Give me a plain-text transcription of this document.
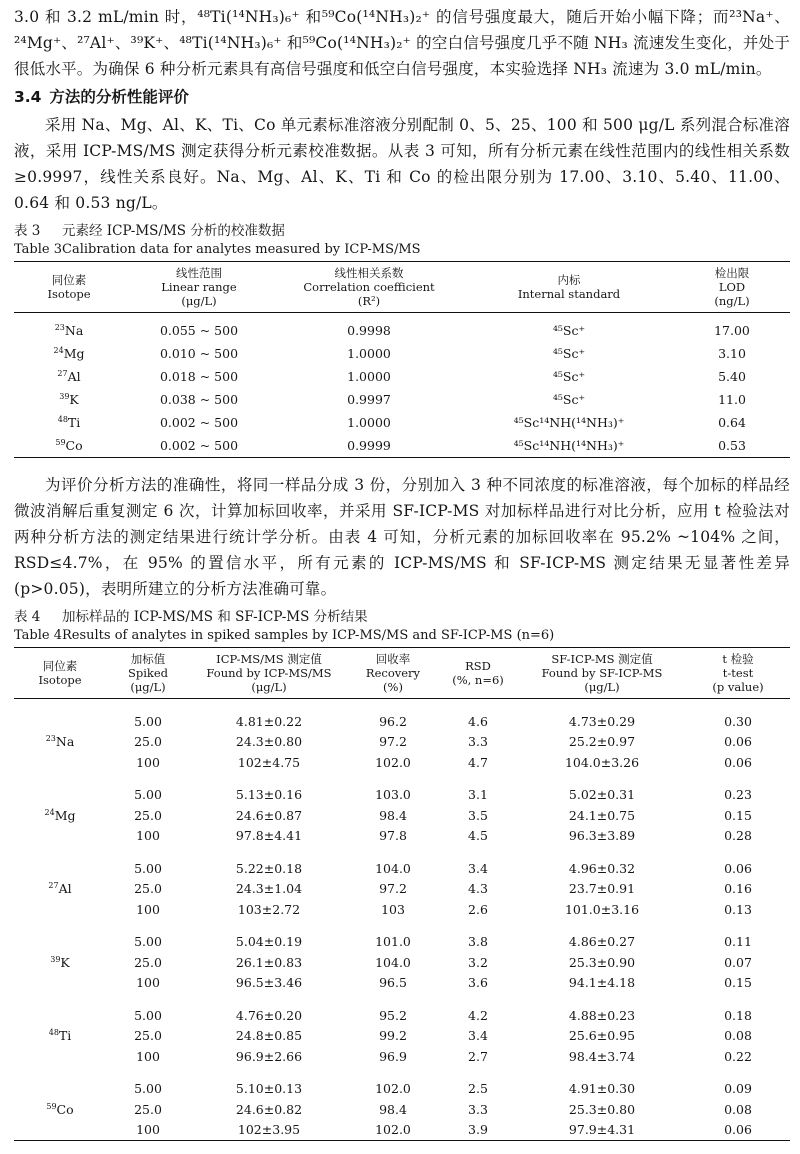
3.0 和 3.2 mL/min 时，⁴⁸Ti(¹⁴NH₃)₆⁺ 和⁵⁹Co(¹⁴NH₃)₂⁺ 的信号强度最大，随后开始小幅下降；而²³Na⁺、²⁴Mg⁺、²⁷Al⁺、³⁹K⁺、⁴⁸Ti(¹⁴NH₃)₆⁺ 和⁵⁹Co(¹⁴NH₃)₂⁺ 的空白信号强度几乎不随 NH₃ 流速发生变化，并处于很低水平。为确保 6 种分析元素具有高信号强度和低空白信号强度，本实验选择 NH₃ 流速为 3.0 mL/min。

3.4 方法的分析性能评价

采用 Na、Mg、Al、K、Ti、Co 单元素标准溶液分别配制 0、5、25、100 和 500 μg/L 系列混合标准溶液，采用 ICP-MS/MS 测定获得分析元素校准数据。从表 3 可知，所有分析元素在线性范围内的线性相关系数≥0.9997，线性关系良好。Na、Mg、Al、K、Ti 和 Co 的检出限分别为 17.00、3.10、5.40、11.00、0.64 和 0.53 ng/L。

表 3 元素经 ICP-MS/MS 分析的校准数据
Table 3Calibration data for analytes measured by ICP-MS/MS
同位素
Isotope	线性范围
Linear range
(μg/L)	线性相关系数
Correlation coefficient
(R²)	内标
Internal standard	检出限
LOD
(ng/L)

$^{23}$Na	0.055 ~ 500	0.9998	⁴⁵Sc⁺	17.00
$^{24}$Mg	0.010 ~ 500	1.0000	⁴⁵Sc⁺	3.10
$^{27}$Al	0.018 ~ 500	1.0000	⁴⁵Sc⁺	5.40
$^{39}$K	0.038 ~ 500	0.9997	⁴⁵Sc⁺	11.0
$^{48}$Ti	0.002 ~ 500	1.0000	⁴⁵Sc¹⁴NH(¹⁴NH₃)⁺	0.64
$^{59}$Co	0.002 ~ 500	0.9999	⁴⁵Sc¹⁴NH(¹⁴NH₃)⁺	0.53

为评价分析方法的准确性，将同一样品分成 3 份，分别加入 3 种不同浓度的标准溶液，每个加标的样品经微波消解后重复测定 6 次，计算加标回收率，并采用 SF-ICP-MS 对加标样品进行对比分析，应用 t 检验法对两种分析方法的测定结果进行统计学分析。由表 4 可知，分析元素的加标回收率在 95.2% ~104% 之间，RSD≤4.7%，在 95% 的置信水平，所有元素的 ICP-MS/MS 和 SF-ICP-MS 测定结果无显著性差异(p>0.05)，表明所建立的分析方法准确可靠。

表 4 加标样品的 ICP-MS/MS 和 SF-ICP-MS 分析结果
Table 4Results of analytes in spiked samples by ICP-MS/MS and SF-ICP-MS (n=6)
同位素
Isotope	加标值
Spiked
(μg/L)	ICP-MS/MS 测定值
Found by ICP-MS/MS
(μg/L)	回收率
Recovery
(%)	RSD
(%, n=6)	SF-ICP-MS 测定值
Found by SF-ICP-MS
(μg/L)	t 检验
t-test
(p value)

$^{23}$Na	5.00	4.81±0.22	96.2	4.6	4.73±0.29	0.30
	25.0	24.3±0.80	97.2	3.3	25.2±0.97	0.06
	100	102±4.75	102.0	4.7	104.0±3.26	0.06

$^{24}$Mg	5.00	5.13±0.16	103.0	3.1	5.02±0.31	0.23
	25.0	24.6±0.87	98.4	3.5	24.1±0.75	0.15
	100	97.8±4.41	97.8	4.5	96.3±3.89	0.28

$^{27}$Al	5.00	5.22±0.18	104.0	3.4	4.96±0.32	0.06
	25.0	24.3±1.04	97.2	4.3	23.7±0.91	0.16
	100	103±2.72	103	2.6	101.0±3.16	0.13

$^{39}$K	5.00	5.04±0.19	101.0	3.8	4.86±0.27	0.11
	25.0	26.1±0.83	104.0	3.2	25.3±0.90	0.07
	100	96.5±3.46	96.5	3.6	94.1±4.18	0.15

$^{48}$Ti	5.00	4.76±0.20	95.2	4.2	4.88±0.23	0.18
	25.0	24.8±0.85	99.2	3.4	25.6±0.95	0.08
	100	96.9±2.66	96.9	2.7	98.4±3.74	0.22

$^{59}$Co	5.00	5.10±0.13	102.0	2.5	4.91±0.30	0.09
	25.0	24.6±0.82	98.4	3.3	25.3±0.80	0.08
	100	102±3.95	102.0	3.9	97.9±4.31	0.06
